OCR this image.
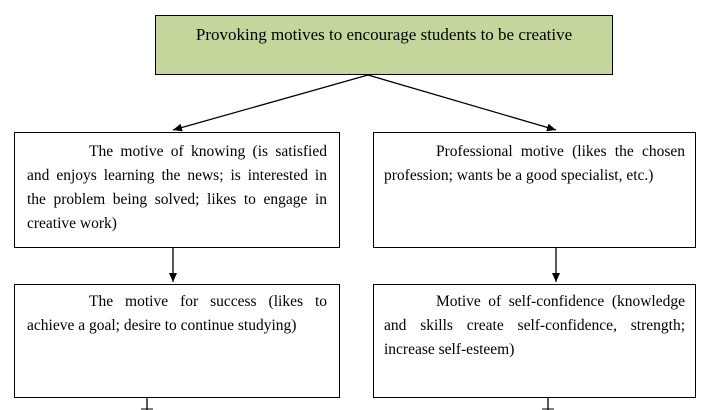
Provoking motives to encourage students to be creative

The motive of knowing (is satisfied and enjoys learning the news; is interested in the problem being solved; likes to engage in creative work)

Professional motive (likes the chosen profession; wants be a good specialist, etc.)

The motive for success (likes to achieve a goal; desire to continue studying)

Motive of self-confidence (knowledge and skills create self-confidence, strength; increase self-esteem)
